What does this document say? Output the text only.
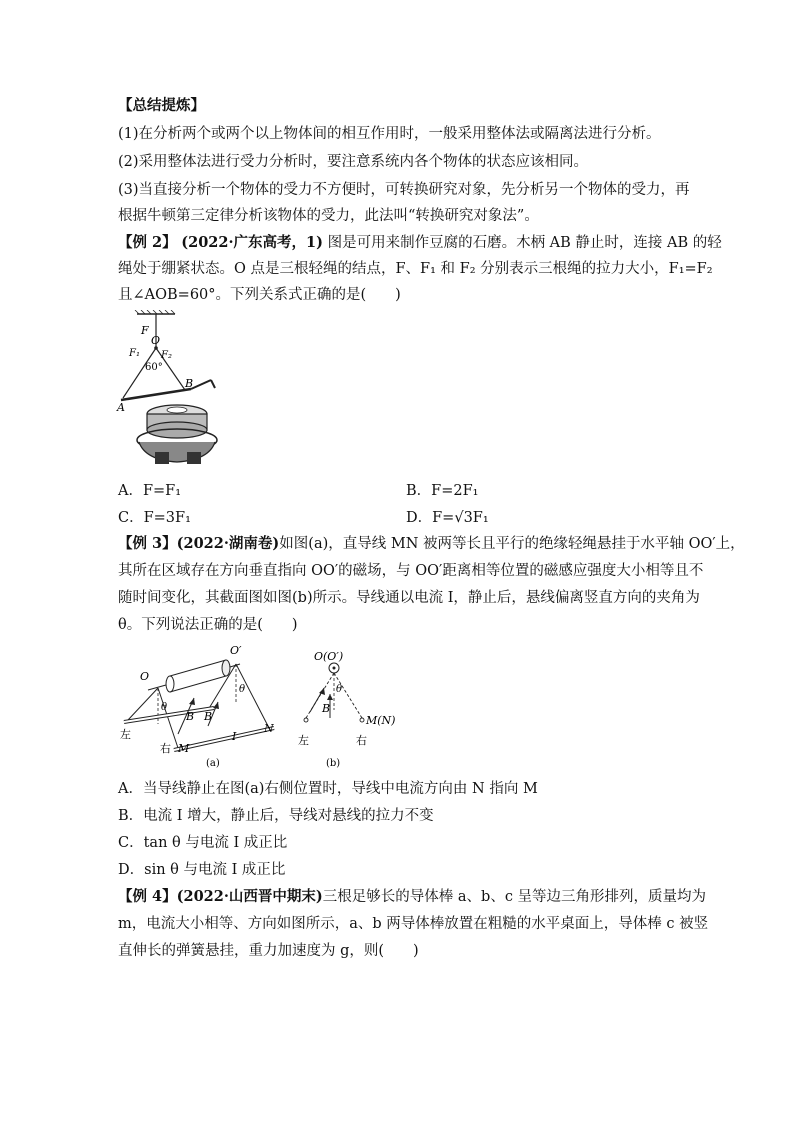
【总结提炼】
(1)在分析两个或两个以上物体间的相互作用时，一般采用整体法或隔离法进行分析。
(2)采用整体法进行受力分析时，要注意系统内各个物体的状态应该相同。
(3)当直接分析一个物体的受力不方便时，可转换研究对象，先分析另一个物体的受力，再
根据牛顿第三定律分析该物体的受力，此法叫“转换研究对象法”。
【例 2】 (2022·广东高考，1) 图是可用来制作豆腐的石磨。木柄 AB 静止时，连接 AB 的轻
绳处于绷紧状态。O 点是三根轻绳的结点，F、F₁ 和 F₂ 分别表示三根绳的拉力大小，F₁=F₂
且∠AOB=60°。下列关系式正确的是(　　)
F
O
F₁ F₂
60°
A
B
A．F=F₁	B．F=2F₁
C．F=3F₁	D．F=√3F₁
【例 3】(2022·湖南卷)如图(a)，直导线 MN 被两等长且平行的绝缘轻绳悬挂于水平轴 OO′上，
其所在区域存在方向垂直指向 OO′的磁场，与 OO′距离相等位置的磁感应强度大小相等且不
随时间变化，其截面图如图(b)所示。导线通以电流 I，静止后，悬线偏离竖直方向的夹角为
θ。下列说法正确的是(　　)
O
O′
θ
θ
B B
左
右 M
N
I
(a)
O(O′)
θ
B
左	右
M(N)
(b)
A．当导线静止在图(a)右侧位置时，导线中电流方向由 N 指向 M
B．电流 I 增大，静止后，导线对悬线的拉力不变
C．tan θ 与电流 I 成正比
D．sin θ 与电流 I 成正比
【例 4】(2022·山西晋中期末)三根足够长的导体棒 a、b、c 呈等边三角形排列，质量均为
m，电流大小相等、方向如图所示，a、b 两导体棒放置在粗糙的水平桌面上，导体棒 c 被竖
直伸长的弹簧悬挂，重力加速度为 g，则(　　)
